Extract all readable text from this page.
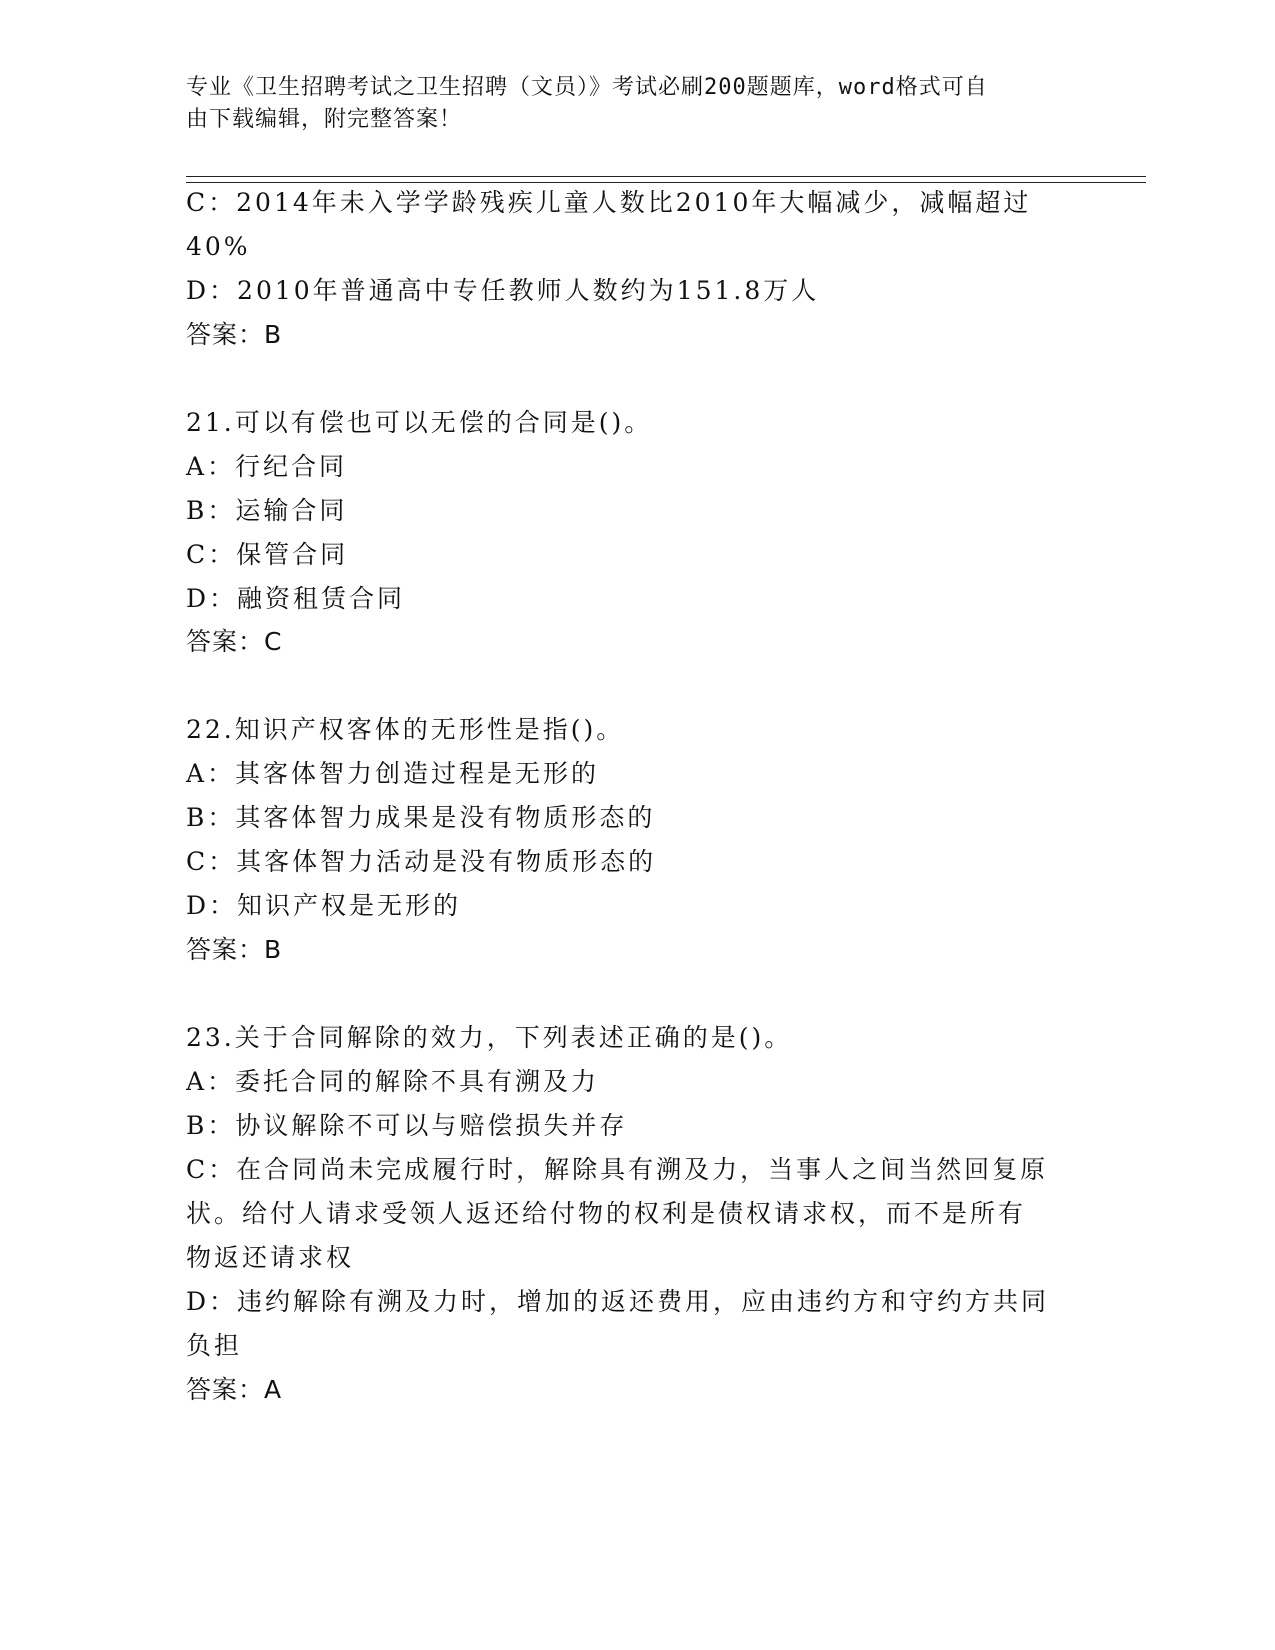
专业《卫生招聘考试之卫生招聘（文员）》考试必刷200题题库，word格式可自
由下载编辑，附完整答案！
C：2014年未入学学龄残疾儿童人数比2010年大幅减少，减幅超过
40%
D：2010年普通高中专任教师人数约为151.8万人
答案：B
21.可以有偿也可以无偿的合同是()。
A：行纪合同
B：运输合同
C：保管合同
D：融资租赁合同
答案：C
22.知识产权客体的无形性是指()。
A：其客体智力创造过程是无形的
B：其客体智力成果是没有物质形态的
C：其客体智力活动是没有物质形态的
D：知识产权是无形的
答案：B
23.关于合同解除的效力，下列表述正确的是()。
A：委托合同的解除不具有溯及力
B：协议解除不可以与赔偿损失并存
C：在合同尚未完成履行时，解除具有溯及力，当事人之间当然回复原
状。给付人请求受领人返还给付物的权利是债权请求权，而不是所有
物返还请求权
D：违约解除有溯及力时，增加的返还费用，应由违约方和守约方共同
负担
答案：A
